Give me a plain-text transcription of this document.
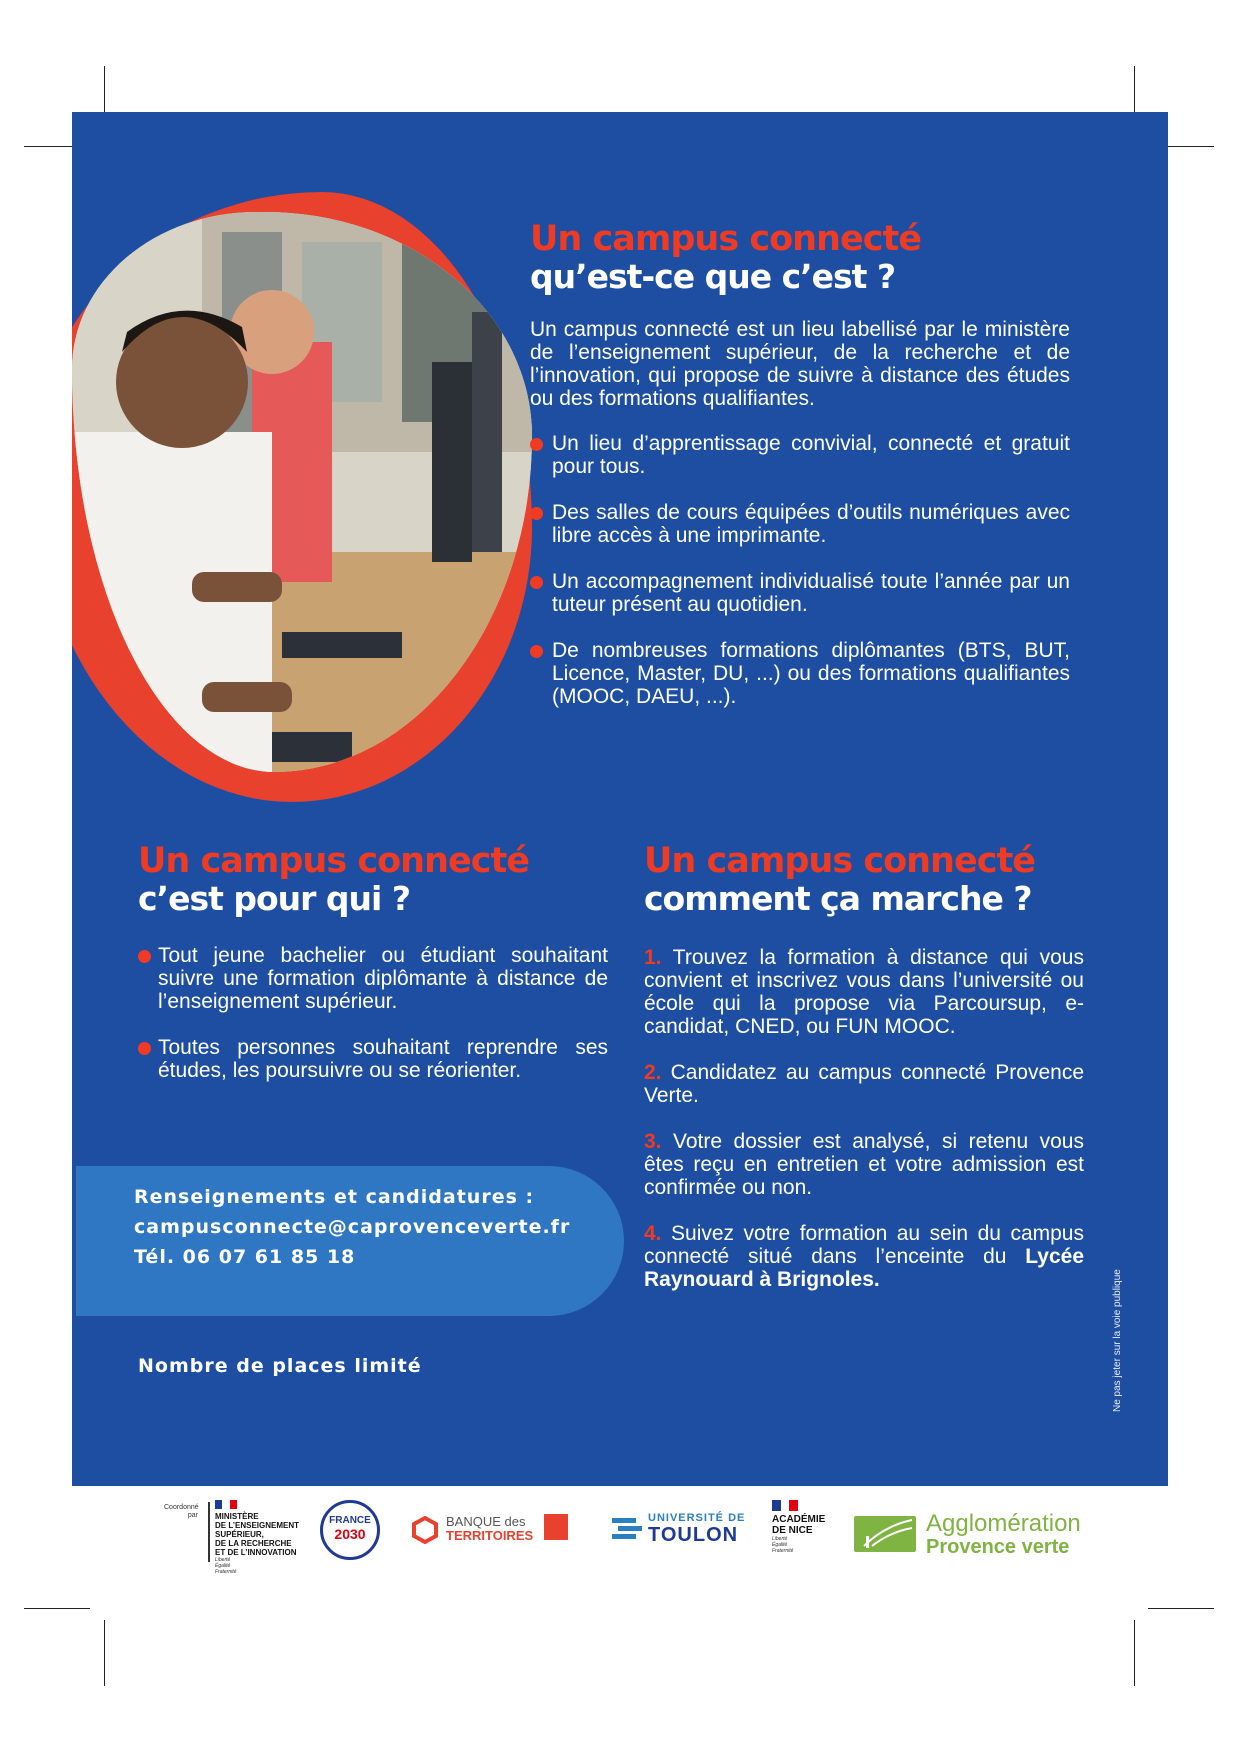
Un campus connecté
qu’est-ce que c’est ?
Un campus connecté est un lieu labellisé par le ministère de l’enseignement supérieur, de la recherche et de l’innovation, qui propose de suivre à distance des études ou des formations qualifiantes.
Un lieu d’apprentissage convivial, connecté et gratuit pour tous.
Des salles de cours équipées d’outils numériques avec libre accès à une imprimante.
Un accompagnement individualisé toute l’année par un tuteur présent au quotidien.
De nombreuses formations diplômantes (BTS, BUT, Licence, Master, DU, ...) ou des formations qualifiantes (MOOC, DAEU, ...).
Un campus connecté
c’est pour qui ?
Tout jeune bachelier ou étudiant souhaitant suivre une formation diplômante à distance de l’enseignement supérieur.
Toutes personnes souhaitant reprendre ses études, les poursuivre ou se réorienter.
Un campus connecté
comment ça marche ?
1. Trouvez la formation à distance qui vous convient et inscrivez vous dans l’université ou école qui la propose via Parcoursup, e-candidat, CNED, ou FUN MOOC.
2. Candidatez au campus connecté Provence Verte.
3. Votre dossier est analysé, si retenu vous êtes reçu en entretien et votre admission est confirmée ou non.
4. Suivez votre formation au sein du campus connecté situé dans l’enceinte du Lycée Raynouard à Brignoles.
Renseignements et candidatures :
campusconnecte@caprovenceverte.fr
Tél. 06 07 61 85 18
Nombre de places limité	Ne pas jeter sur la voie publique
Coordonné par MINISTÈRE
DE L’ENSEIGNEMENT
SUPÉRIEUR,
DE LA RECHERCHE
ET DE L’INNOVATION
Liberté
Égalité
Fraternité
FRANCE
2030
BANQUE des
TERRITOIRES
UNIVERSITÉ DE
TOULON
ACADÉMIE
DE NICE
Liberté
Égalité
Fraternité
Agglomération
Provence verte
